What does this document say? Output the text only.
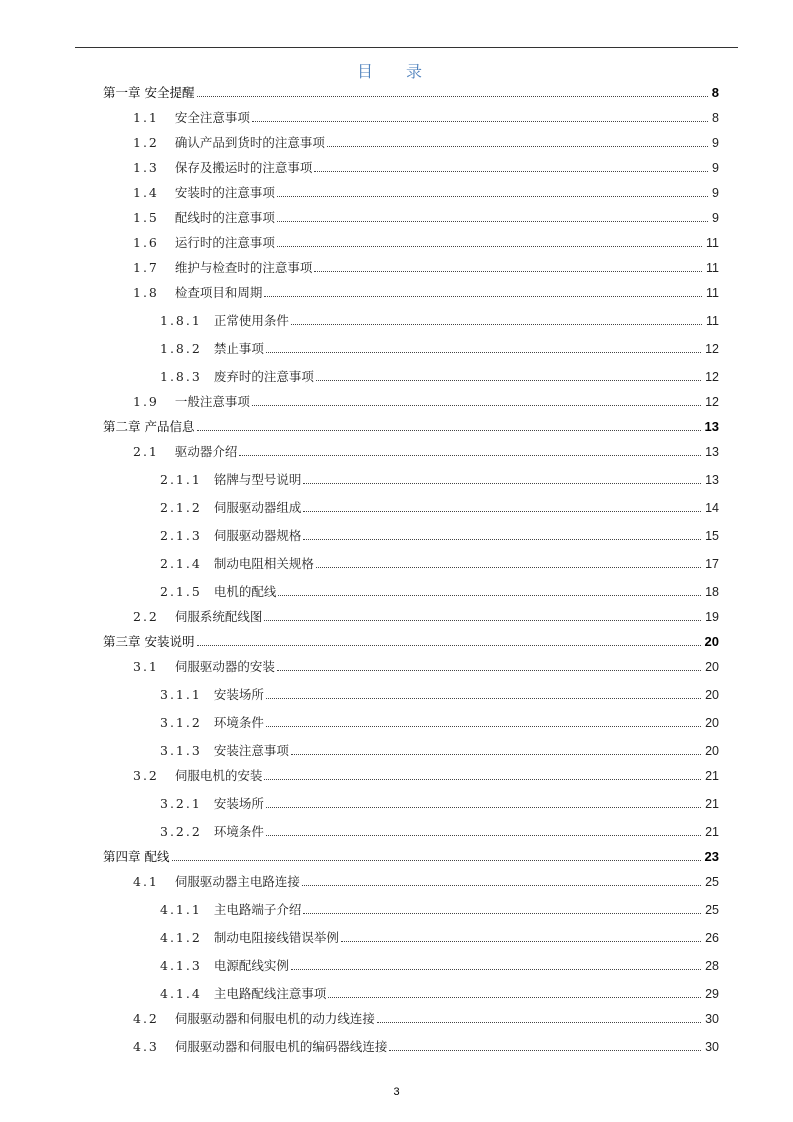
目 录
第一章 安全提醒	8
1.1 安全注意事项	8
1.2 确认产品到货时的注意事项	9
1.3 保存及搬运时的注意事项	9
1.4 安装时的注意事项	9
1.5 配线时的注意事项	9
1.6 运行时的注意事项	11
1.7 维护与检查时的注意事项	11
1.8 检查项目和周期	11
1.8.1 正常使用条件	11
1.8.2 禁止事项	12
1.8.3 废弃时的注意事项	12
1.9 一般注意事项	12
第二章 产品信息	13
2.1 驱动器介绍	13
2.1.1 铭牌与型号说明	13
2.1.2 伺服驱动器组成	14
2.1.3 伺服驱动器规格	15
2.1.4 制动电阻相关规格	17
2.1.5 电机的配线	18
2.2 伺服系统配线图	19
第三章 安装说明	20
3.1 伺服驱动器的安装	20
3.1.1 安装场所	20
3.1.2 环境条件	20
3.1.3 安装注意事项	20
3.2 伺服电机的安装	21
3.2.1 安装场所	21
3.2.2 环境条件	21
第四章 配线	23
4.1 伺服驱动器主电路连接	25
4.1.1 主电路端子介绍	25
4.1.2 制动电阻接线错误举例	26
4.1.3 电源配线实例	28
4.1.4 主电路配线注意事项	29
4.2 伺服驱动器和伺服电机的动力线连接	30
4.3 伺服驱动器和伺服电机的编码器线连接	30
3
